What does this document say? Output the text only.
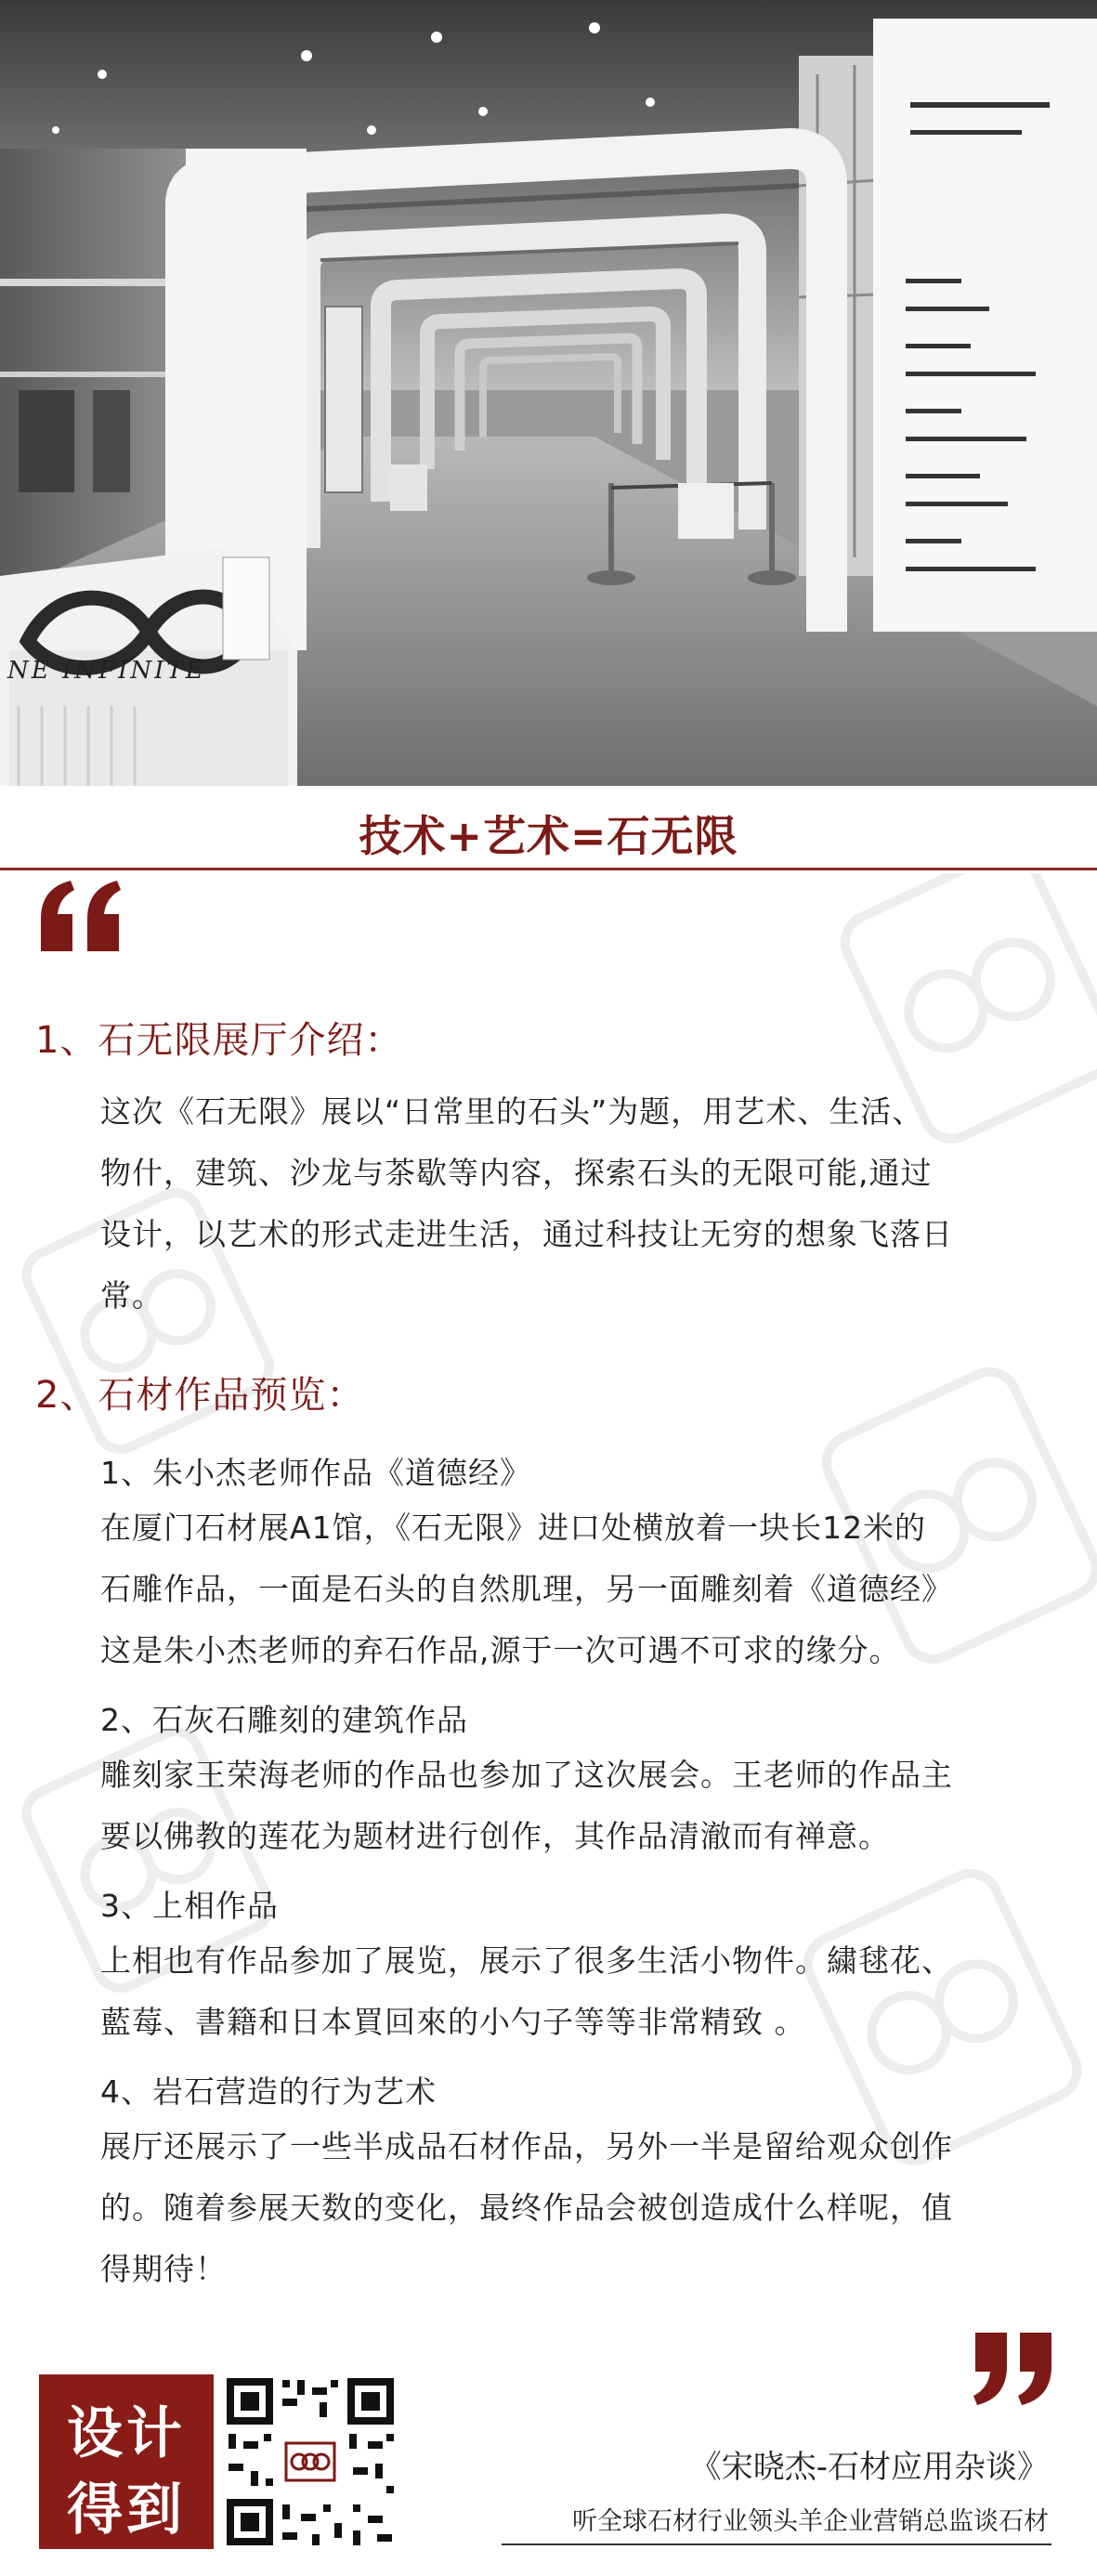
NE INFINITE
技术+艺术=石无限
1、石无限展厅介绍：
这次《石无限》展以“日常里的石头”为题，用艺术、生活、
物什，建筑、沙龙与茶歇等内容，探索石头的无限可能,通过
设计，以艺术的形式走进生活，通过科技让无穷的想象飞落日
常。
2、石材作品预览：
1、朱小杰老师作品《道德经》
在厦门石材展A1馆，《石无限》进口处横放着一块长12米的
石雕作品，一面是石头的自然肌理，另一面雕刻着《道德经》
这是朱小杰老师的弃石作品,源于一次可遇不可求的缘分。
2、石灰石雕刻的建筑作品
雕刻家王荣海老师的作品也参加了这次展会。王老师的作品主
要以佛教的莲花为题材进行创作，其作品清澈而有禅意。
3、上相作品
上相也有作品参加了展览，展示了很多生活小物件。繍毬花、
藍莓、書籍和日本買回來的小勺子等等非常精致 。
4、岩石营造的行为艺术
展厅还展示了一些半成品石材作品，另外一半是留给观众创作
的。随着参展天数的变化，最终作品会被创造成什么样呢，值
得期待！
设计
得到
《宋晓杰-石材应用杂谈》
听全球石材行业领头羊企业营销总监谈石材
